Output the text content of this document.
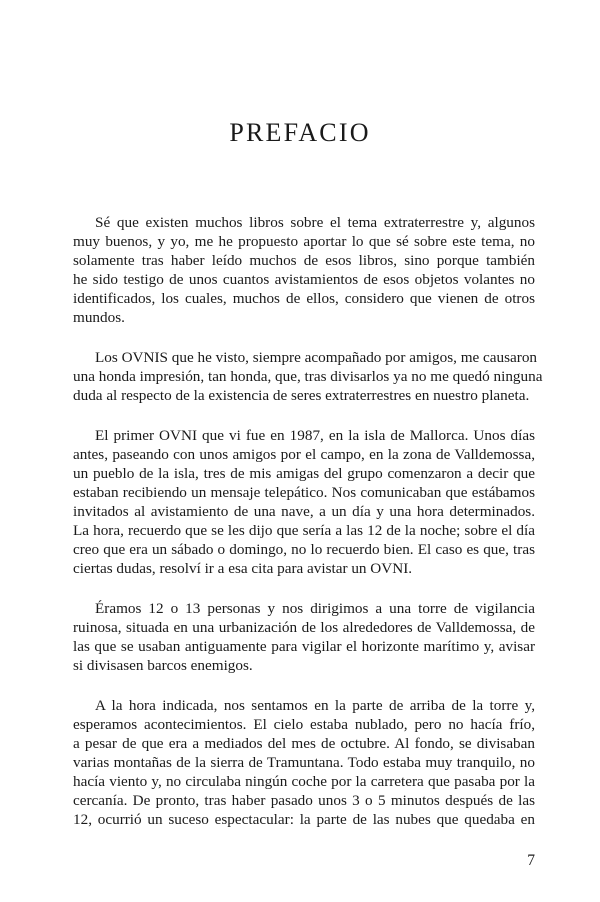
PREFACIO
Sé que existen muchos libros sobre el tema extraterrestre y, algunos
muy buenos, y yo, me he propuesto aportar lo que sé sobre este tema, no
solamente tras haber leído muchos de esos libros, sino porque también
he sido testigo de unos cuantos avistamientos de esos objetos volantes no
identificados, los cuales, muchos de ellos, considero que vienen de otros
mundos.
Los OVNIS que he visto, siempre acompañado por amigos, me causaron
una honda impresión, tan honda, que, tras divisarlos ya no me quedó ninguna
duda al respecto de la existencia de seres extraterrestres en nuestro planeta.
El primer OVNI que vi fue en 1987, en la isla de Mallorca. Unos días
antes, paseando con unos amigos por el campo, en la zona de Valldemossa,
un pueblo de la isla, tres de mis amigas del grupo comenzaron a decir que
estaban recibiendo un mensaje telepático. Nos comunicaban que estábamos
invitados al avistamiento de una nave, a un día y una hora determinados.
La hora, recuerdo que se les dijo que sería a las 12 de la noche; sobre el día
creo que era un sábado o domingo, no lo recuerdo bien. El caso es que, tras
ciertas dudas, resolví ir a esa cita para avistar un OVNI.
Éramos 12 o 13 personas y nos dirigimos a una torre de vigilancia
ruinosa, situada en una urbanización de los alrededores de Valldemossa, de
las que se usaban antiguamente para vigilar el horizonte marítimo y, avisar
si divisasen barcos enemigos.
A la hora indicada, nos sentamos en la parte de arriba de la torre y,
esperamos acontecimientos. El cielo estaba nublado, pero no hacía frío,
a pesar de que era a mediados del mes de octubre. Al fondo, se divisaban
varias montañas de la sierra de Tramuntana. Todo estaba muy tranquilo, no
hacía viento y, no circulaba ningún coche por la carretera que pasaba por la
cercanía. De pronto, tras haber pasado unos 3 o 5 minutos después de las
12, ocurrió un suceso espectacular: la parte de las nubes que quedaba en
7
